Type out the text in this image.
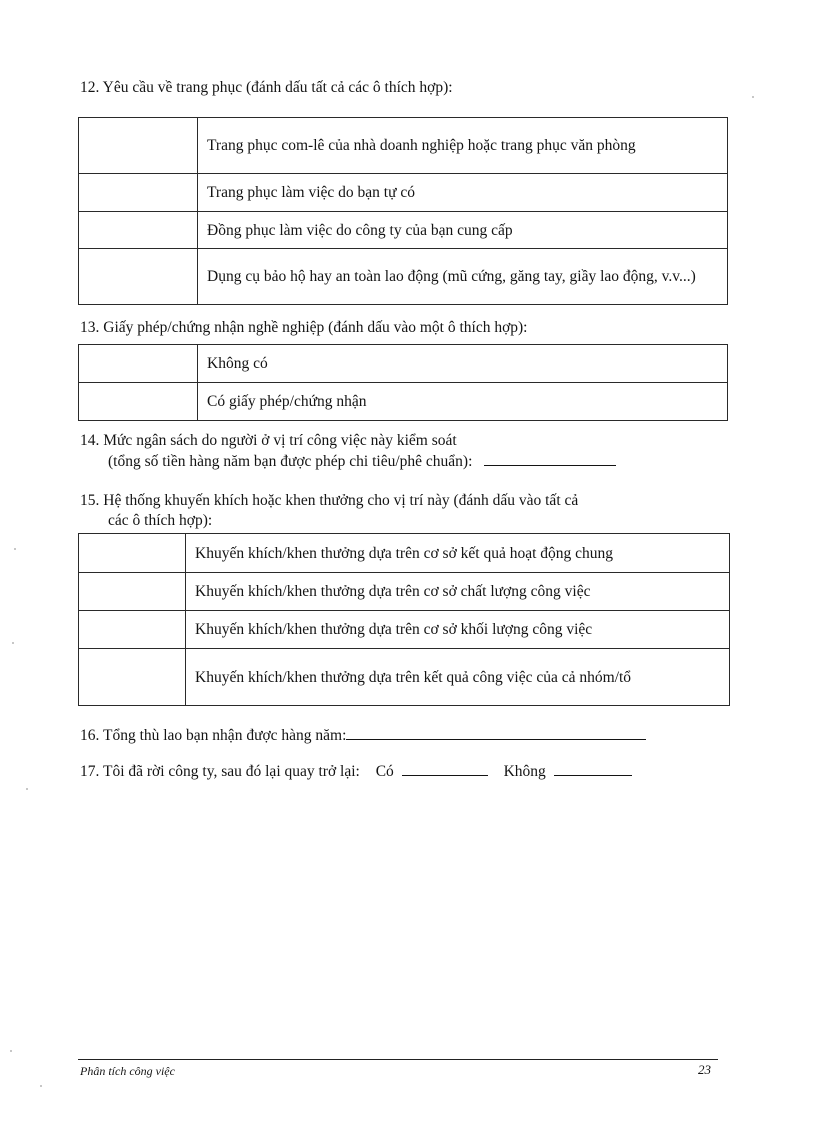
12. Yêu cầu về trang phục (đánh dấu tất cả các ô thích hợp):
	Trang phục com-lê của nhà doanh nghiệp hoặc trang phục văn phòng
	Trang phục làm việc do bạn tự có
	Đồng phục làm việc do công ty của bạn cung cấp
	Dụng cụ bảo hộ hay an toàn lao động (mũ cứng, găng tay, giầy lao động, v.v...)
13. Giấy phép/chứng nhận nghề nghiệp (đánh dấu vào một ô thích hợp):
	Không có
	Có giấy phép/chứng nhận
14. Mức ngân sách do người ở vị trí công việc này kiểm soát
(tổng số tiền hàng năm bạn được phép chi tiêu/phê chuẩn):
15. Hệ thống khuyến khích hoặc khen thưởng cho vị trí này (đánh dấu vào tất cả
các ô thích hợp):
	Khuyến khích/khen thưởng dựa trên cơ sở kết quả hoạt động chung
	Khuyến khích/khen thưởng dựa trên cơ sở chất lượng công việc
	Khuyến khích/khen thưởng dựa trên cơ sở khối lượng công việc
	Khuyến khích/khen thưởng dựa trên kết quả công việc của cả nhóm/tổ
16. Tổng thù lao bạn nhận được hàng năm:
17. Tôi đã rời công ty, sau đó lại quay trở lại: Có	Không
Phân tích công việc	23
